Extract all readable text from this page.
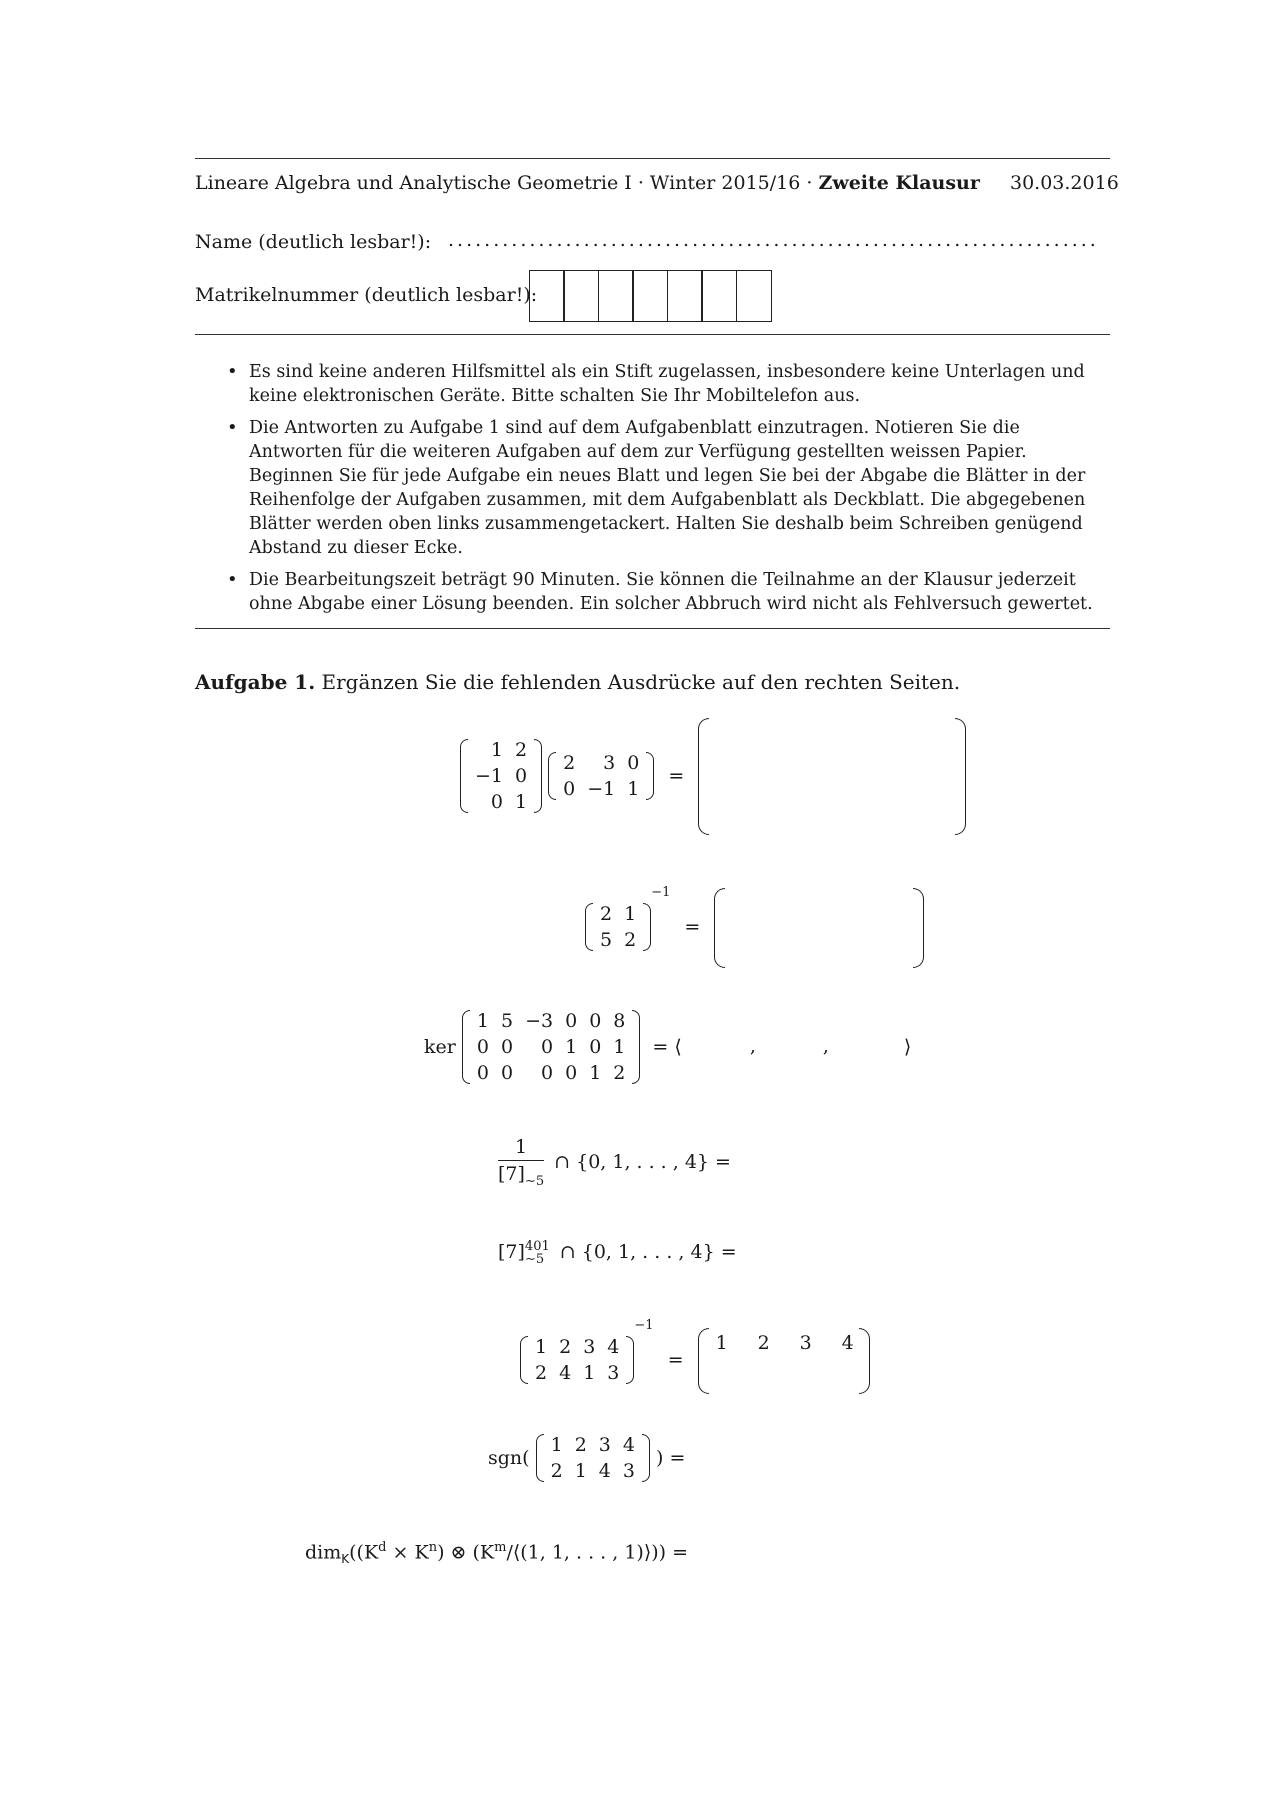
Lineare Algebra und Analytische Geometrie I · Winter 2015/16 · Zweite Klausur 30.03.2016
Name (deutlich lesbar!): ........................................................................
Matrikelnummer (deutlich lesbar!):
• Es sind keine anderen Hilfsmittel als ein Stift zugelassen, insbesondere keine Unterlagen und keine elektronischen Geräte. Bitte schalten Sie Ihr Mobiltelefon aus.
• Die Antworten zu Aufgabe 1 sind auf dem Aufgabenblatt einzutragen. Notieren Sie die Antworten für die weiteren Aufgaben auf dem zur Verfügung gestellten weissen Papier. Beginnen Sie für jede Aufgabe ein neues Blatt und legen Sie bei der Abgabe die Blätter in der Reihenfolge der Aufgaben zusammen, mit dem Aufgabenblatt als Deckblatt. Die abgegebenen Blätter werden oben links zusammengetackert. Halten Sie deshalb beim Schreiben genügend Abstand zu dieser Ecke.
• Die Bearbeitungszeit beträgt 90 Minuten. Sie können die Teilnahme an der Klausur jederzeit ohne Abgabe einer Lösung beenden. Ein solcher Abbruch wird nicht als Fehlversuch gewertet.
Aufgabe 1. Ergänzen Sie die fehlenden Ausdrücke auf den rechten Seiten.
1	2
−1	0
0	1

2	3	0
0	−1	1
=
2	1
5	2
$^{-1}$ =
ker
1	5	−3	0	0	8
0	0	0	1	0	1
0	0	0	0	1	2
= ⟨	,	,	⟩
$\frac{1}{[7]_{\sim 5}}$ ∩ {0, 1, . . . , 4} =
[7] 401
∼5 ∩ {0, 1, . . . , 4} =
1	2	3	4
2	4	1	3
$^{-1}$ =
1 2 3 4
sgn(
1	2	3	4
2	1	4	3
) =
$dim_K((K^d \times K^n)$ ⊗ ($K^m/⟨(1$, 1, . . . , 1)⟩)) =
